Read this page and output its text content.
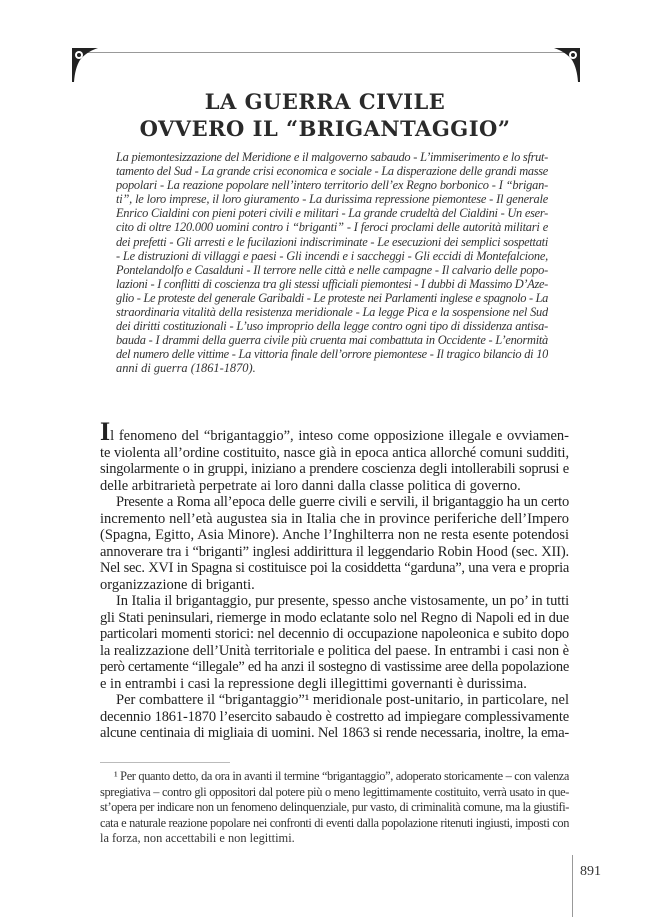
LA GUERRA CIVILE
OVVERO IL “BRIGANTAGGIO”
La piemontesizzazione del Meridione e il malgoverno sabaudo - L’immiserimento e lo sfrut-
tamento del Sud - La grande crisi economica e sociale - La disperazione delle grandi masse
popolari - La reazione popolare nell’intero territorio dell’ex Regno borbonico - I “brigan-
ti”, le loro imprese, il loro giuramento - La durissima repressione piemontese - Il generale
Enrico Cialdini con pieni poteri civili e militari - La grande crudeltà del Cialdini - Un eser-
cito di oltre 120.000 uomini contro i “briganti” - I feroci proclami delle autorità militari e
dei prefetti - Gli arresti e le fucilazioni indiscriminate - Le esecuzioni dei semplici sospettati
- Le distruzioni di villaggi e paesi - Gli incendi e i saccheggi - Gli eccidi di Montefalcione,
Pontelandolfo e Casalduni - Il terrore nelle città e nelle campagne - Il calvario delle popo-
lazioni - I conflitti di coscienza tra gli stessi ufficiali piemontesi - I dubbi di Massimo D’Aze-
glio - Le proteste del generale Garibaldi - Le proteste nei Parlamenti inglese e spagnolo - La
straordinaria vitalità della resistenza meridionale - La legge Pica e la sospensione nel Sud
dei diritti costituzionali - L’uso improprio della legge contro ogni tipo di dissidenza antisa-
bauda - I drammi della guerra civile più cruenta mai combattuta in Occidente - L’enormità
del numero delle vittime - La vittoria finale dell’orrore piemontese - Il tragico bilancio di 10
anni di guerra (1861-1870).
Il fenomeno del “brigantaggio”, inteso come opposizione illegale e ovviamen-
te violenta all’ordine costituito, nasce già in epoca antica allorché comuni sudditi,
singolarmente o in gruppi, iniziano a prendere coscienza degli intollerabili soprusi e
delle arbitrarietà perpetrate ai loro danni dalla classe politica di governo.
Presente a Roma all’epoca delle guerre civili e servili, il brigantaggio ha un certo
incremento nell’età augustea sia in Italia che in province periferiche dell’Impero
(Spagna, Egitto, Asia Minore). Anche l’Inghilterra non ne resta esente potendosi
annoverare tra i “briganti” inglesi addirittura il leggendario Robin Hood (sec. XII).
Nel sec. XVI in Spagna si costituisce poi la cosiddetta “garduna”, una vera e propria
organizzazione di briganti.
In Italia il brigantaggio, pur presente, spesso anche vistosamente, un po’ in tutti
gli Stati peninsulari, riemerge in modo eclatante solo nel Regno di Napoli ed in due
particolari momenti storici: nel decennio di occupazione napoleonica e subito dopo
la realizzazione dell’Unità territoriale e politica del paese. In entrambi i casi non è
però certamente “illegale” ed ha anzi il sostegno di vastissime aree della popolazione
e in entrambi i casi la repressione degli illegittimi governanti è durissima.
Per combattere il “brigantaggio”¹ meridionale post-unitario, in particolare, nel
decennio 1861-1870 l’esercito sabaudo è costretto ad impiegare complessivamente
alcune centinaia di migliaia di uomini. Nel 1863 si rende necessaria, inoltre, la ema-
¹ Per quanto detto, da ora in avanti il termine “brigantaggio”, adoperato storicamente – con valenza
spregiativa – contro gli oppositori dal potere più o meno legittimamente costituito, verrà usato in que-
st’opera per indicare non un fenomeno delinquenziale, pur vasto, di criminalità comune, ma la giustifi-
cata e naturale reazione popolare nei confronti di eventi dalla popolazione ritenuti ingiusti, imposti con
la forza, non accettabili e non legittimi.
891
